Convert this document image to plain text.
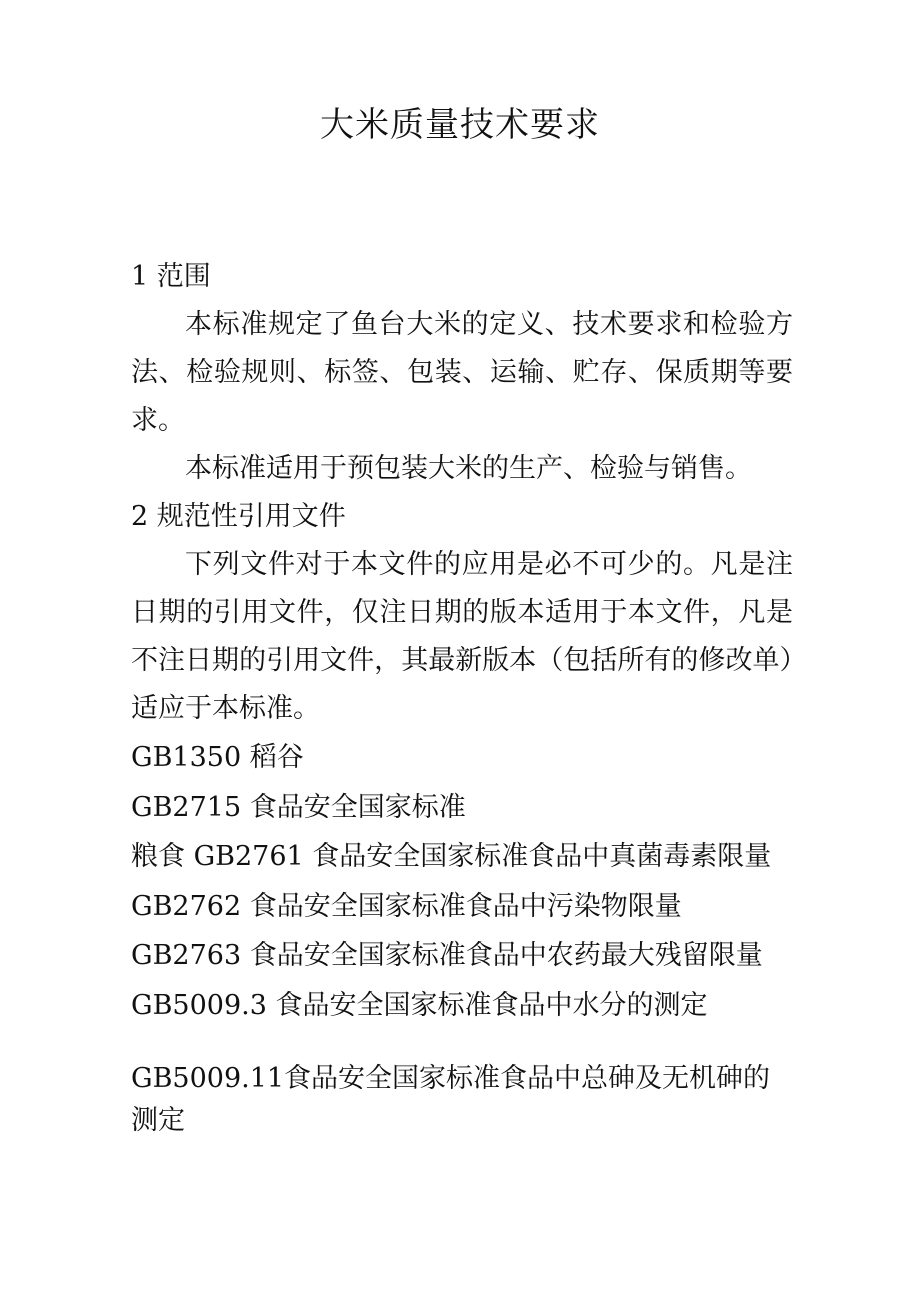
大米质量技术要求
1 范围

本标准规定了鱼台大米的定义、技术要求和检验方法、检验规则、标签、包装、运输、贮存、保质期等要求。

本标准适用于预包装大米的生产、检验与销售。

2 规范性引用文件

下列文件对于本文件的应用是必不可少的。凡是注日期的引用文件，仅注日期的版本适用于本文件，凡是不注日期的引用文件，其最新版本（包括所有的修改单）适应于本标准。

GB1350 稻谷
GB2715 食品安全国家标准
粮食 GB2761 食品安全国家标准食品中真菌毒素限量
GB2762 食品安全国家标准食品中污染物限量
GB2763 食品安全国家标准食品中农药最大残留限量
GB5009.3 食品安全国家标准食品中水分的测定
GB5009.11食品安全国家标准食品中总砷及无机砷的测定
